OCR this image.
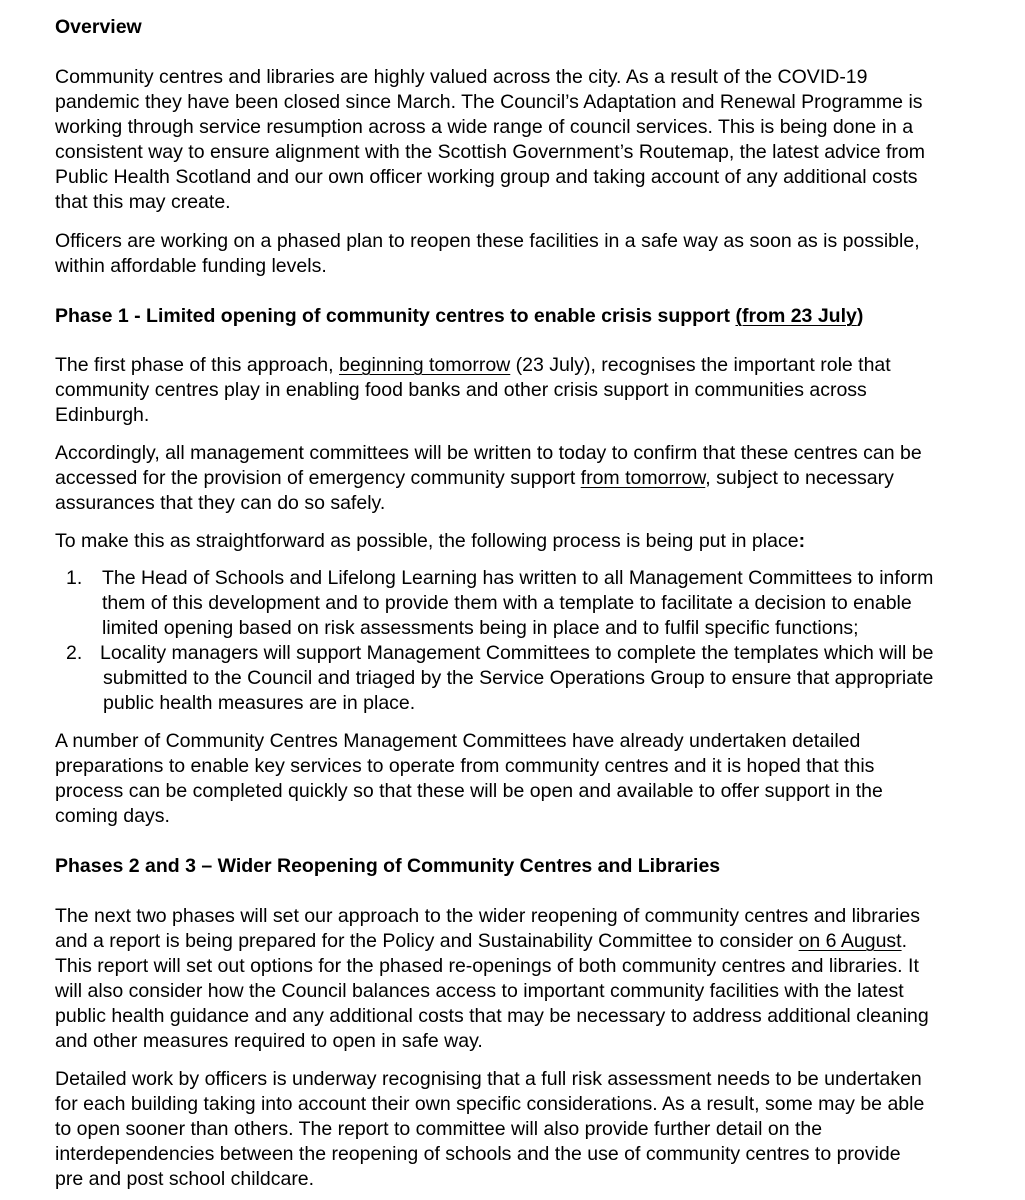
Overview
Community centres and libraries are highly valued across the city. As a result of the COVID-19
pandemic they have been closed since March. The Council’s Adaptation and Renewal Programme is
working through service resumption across a wide range of council services. This is being done in a
consistent way to ensure alignment with the Scottish Government’s Routemap, the latest advice from
Public Health Scotland and our own officer working group and taking account of any additional costs
that this may create.
Officers are working on a phased plan to reopen these facilities in a safe way as soon as is possible,
within affordable funding levels.
Phase 1 - Limited opening of community centres to enable crisis support (from 23 July)
The first phase of this approach, beginning tomorrow (23 July), recognises the important role that
community centres play in enabling food banks and other crisis support in communities across
Edinburgh.
Accordingly, all management committees will be written to today to confirm that these centres can be
accessed for the provision of emergency community support from tomorrow, subject to necessary
assurances that they can do so safely.
To make this as straightforward as possible, the following process is being put in place:
1. The Head of Schools and Lifelong Learning has written to all Management Committees to inform
them of this development and to provide them with a template to facilitate a decision to enable
limited opening based on risk assessments being in place and to fulfil specific functions;
2. Locality managers will support Management Committees to complete the templates which will be
submitted to the Council and triaged by the Service Operations Group to ensure that appropriate
public health measures are in place.
A number of Community Centres Management Committees have already undertaken detailed
preparations to enable key services to operate from community centres and it is hoped that this
process can be completed quickly so that these will be open and available to offer support in the
coming days.
Phases 2 and 3 – Wider Reopening of Community Centres and Libraries
The next two phases will set our approach to the wider reopening of community centres and libraries
and a report is being prepared for the Policy and Sustainability Committee to consider on 6 August.
This report will set out options for the phased re-openings of both community centres and libraries. It
will also consider how the Council balances access to important community facilities with the latest
public health guidance and any additional costs that may be necessary to address additional cleaning
and other measures required to open in safe way.
Detailed work by officers is underway recognising that a full risk assessment needs to be undertaken
for each building taking into account their own specific considerations. As a result, some may be able
to open sooner than others. The report to committee will also provide further detail on the
interdependencies between the reopening of schools and the use of community centres to provide
pre and post school childcare.
